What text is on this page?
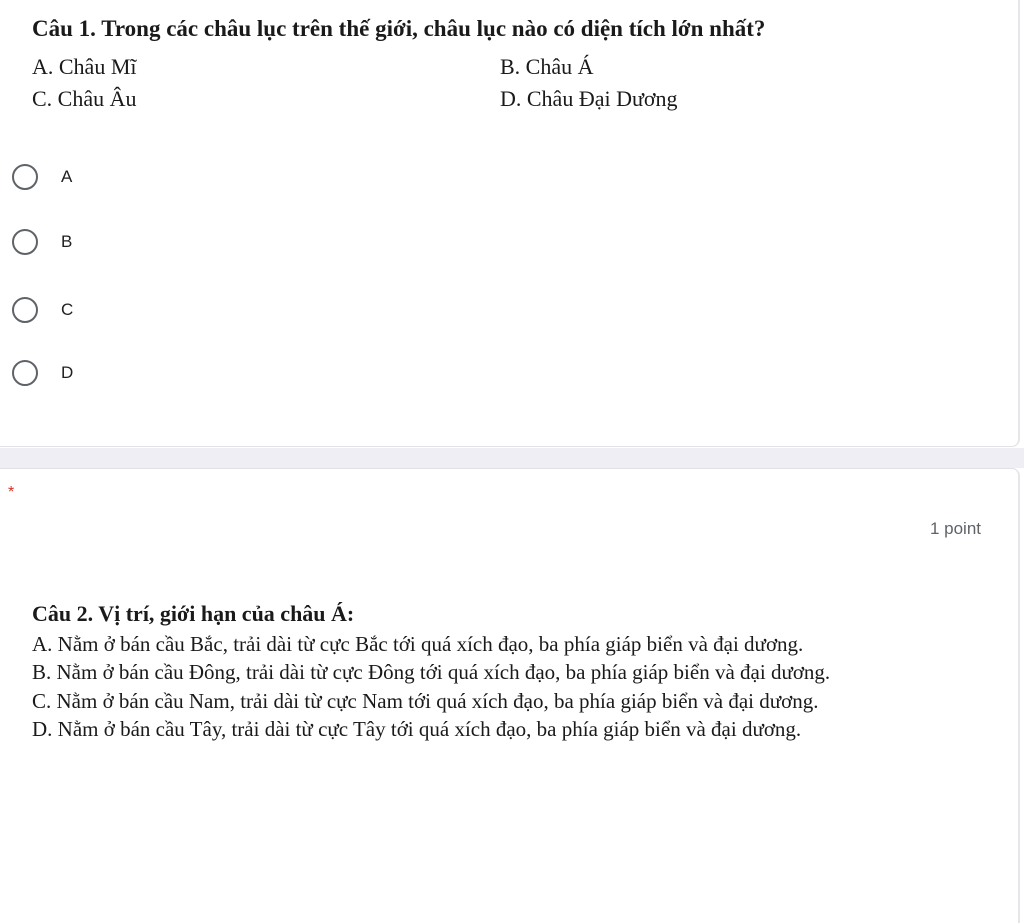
Câu 1. Trong các châu lục trên thế giới, châu lục nào có diện tích lớn nhất?
A. Châu Mĩ	B. Châu Á
C. Châu Âu	D. Châu Đại Dương
A
B
C
D
*
1 point
Câu 2. Vị trí, giới hạn của châu Á:

A. Nằm ở bán cầu Bắc, trải dài từ cực Bắc tới quá xích đạo, ba phía giáp biển và đại dương.

B. Nằm ở bán cầu Đông, trải dài từ cực Đông tới quá xích đạo, ba phía giáp biển và đại dương.

C. Nằm ở bán cầu Nam, trải dài từ cực Nam tới quá xích đạo, ba phía giáp biển và đại dương.

D. Nằm ở bán cầu Tây, trải dài từ cực Tây tới quá xích đạo, ba phía giáp biển và đại dương.
